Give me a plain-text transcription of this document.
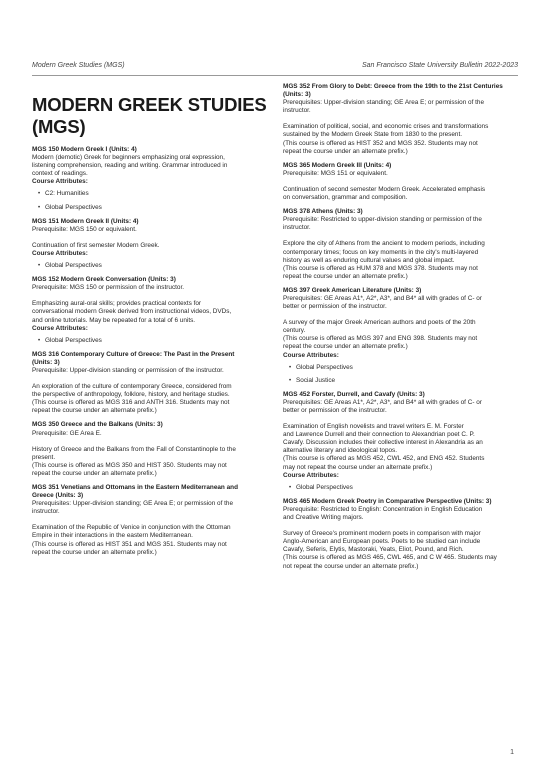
Modern Greek Studies (MGS)	San Francisco State University Bulletin 2022-2023
MODERN GREEK STUDIES
(MGS)
MGS 150 Modern Greek I (Units: 4)
Modern (demotic) Greek for beginners emphasizing oral expression,
listening comprehension, reading and writing. Grammar introduced in
context of readings.
Course Attributes:
• C2: Humanities
• Global Perspectives
MGS 151 Modern Greek II (Units: 4)
Prerequisite: MGS 150 or equivalent.
Continuation of first semester Modern Greek.
Course Attributes:
• Global Perspectives
MGS 152 Modern Greek Conversation (Units: 3)
Prerequisite: MGS 150 or permission of the instructor.
Emphasizing aural-oral skills; provides practical contexts for
conversational modern Greek derived from instructional videos, DVDs,
and online tutorials. May be repeated for a total of 6 units.
Course Attributes:
• Global Perspectives
MGS 316 Contemporary Culture of Greece: The Past in the Present
(Units: 3)
Prerequisite: Upper-division standing or permission of the instructor.
An exploration of the culture of contemporary Greece, considered from
the perspective of anthropology, folklore, history, and heritage studies.
(This course is offered as MGS 316 and ANTH 316. Students may not
repeat the course under an alternate prefix.)
MGS 350 Greece and the Balkans (Units: 3)
Prerequisite: GE Area E.
History of Greece and the Balkans from the Fall of Constantinople to the
present.
(This course is offered as MGS 350 and HIST 350. Students may not
repeat the course under an alternate prefix.)
MGS 351 Venetians and Ottomans in the Eastern Mediterranean and
Greece (Units: 3)
Prerequisites: Upper-division standing; GE Area E; or permission of the
instructor.
Examination of the Republic of Venice in conjunction with the Ottoman
Empire in their interactions in the eastern Mediterranean.
(This course is offered as HIST 351 and MGS 351. Students may not
repeat the course under an alternate prefix.)
MGS 352 From Glory to Debt: Greece from the 19th to the 21st Centuries
(Units: 3)
Prerequisites: Upper-division standing; GE Area E; or permission of the
instructor.
Examination of political, social, and economic crises and transformations
sustained by the Modern Greek State from 1830 to the present.
(This course is offered as HIST 352 and MGS 352. Students may not
repeat the course under an alternate prefix.)
MGS 365 Modern Greek III (Units: 4)
Prerequisite: MGS 151 or equivalent.
Continuation of second semester Modern Greek. Accelerated emphasis
on conversation, grammar and composition.
MGS 378 Athens (Units: 3)
Prerequisite: Restricted to upper-division standing or permission of the
instructor.
Explore the city of Athens from the ancient to modern periods, including
contemporary times; focus on key moments in the city's multi-layered
history as well as enduring cultural values and global impact.
(This course is offered as HUM 378 and MGS 378. Students may not
repeat the course under an alternate prefix.)
MGS 397 Greek American Literature (Units: 3)
Prerequisites: GE Areas A1*, A2*, A3*, and B4* all with grades of C- or
better or permission of the instructor.
A survey of the major Greek American authors and poets of the 20th
century.
(This course is offered as MGS 397 and ENG 398. Students may not
repeat the course under an alternate prefix.)
Course Attributes:
• Global Perspectives
• Social Justice
MGS 452 Forster, Durrell, and Cavafy (Units: 3)
Prerequisites: GE Areas A1*, A2*, A3*, and B4* all with grades of C- or
better or permission of the instructor.
Examination of English novelists and travel writers E. M. Forster
and Lawrence Durrell and their connection to Alexandrian poet C. P.
Cavafy. Discussion includes their collective interest in Alexandria as an
alternative literary and ideological topos.
(This course is offered as MGS 452, CWL 452, and ENG 452. Students
may not repeat the course under an alternate prefix.)
Course Attributes:
• Global Perspectives
MGS 465 Modern Greek Poetry in Comparative Perspective (Units: 3)
Prerequisite: Restricted to English: Concentration in English Education
and Creative Writing majors.
Survey of Greece's prominent modern poets in comparison with major
Anglo-American and European poets. Poets to be studied can include
Cavafy, Seferis, Elytis, Mastoraki, Yeats, Eliot, Pound, and Rich.
(This course is offered as MGS 465, CWL 465, and C W 465. Students may
not repeat the course under an alternate prefix.)
1
